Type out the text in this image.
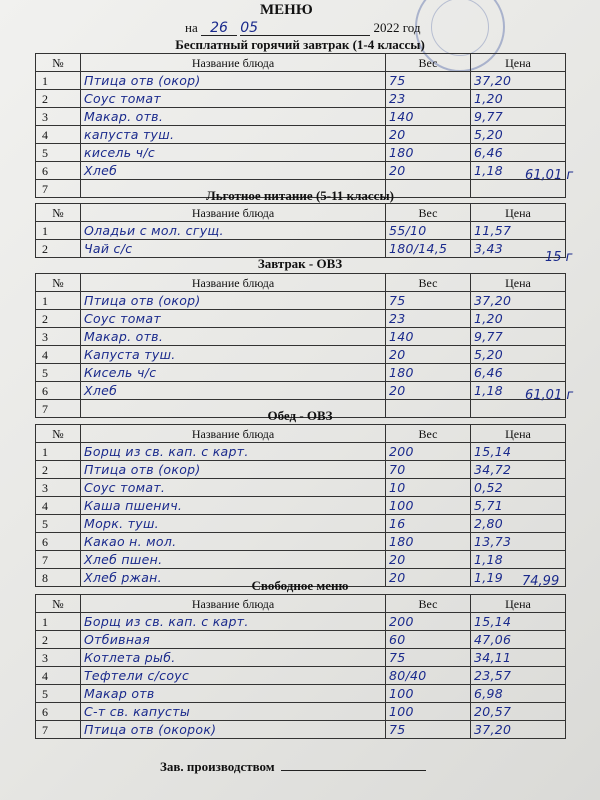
МЕНЮ
на 26 05	2022 год
Бесплатный горячий завтрак (1-4 классы)
№	Название блюда	Вес	Цена
1	Птица отв (окор)	75	37,20
2	Соус томат	23	1,20
3	Макар. отв.	140	9,77
4	капуста туш.	20	5,20
5	кисель ч/с	180	6,46
6	Хлеб	20	1,18
7			
61,01 г
Льготное питание (5-11 классы)
№	Название блюда	Вес	Цена
1	Оладьи с мол. сгущ.	55/10	11,57
2	Чай с/с	180/14,5	3,43
15 г
Завтрак - ОВЗ
№	Название блюда	Вес	Цена
1	Птица отв (окор)	75	37,20
2	Соус томат	23	1,20
3	Макар. отв.	140	9,77
4	Капуста туш.	20	5,20
5	Кисель ч/с	180	6,46
6	Хлеб	20	1,18
7			
61,01 г
Обед - ОВЗ
№	Название блюда	Вес	Цена
1	Борщ из св. кап. с карт.	200	15,14
2	Птица отв (окор)	70	34,72
3	Соус томат.	10	0,52
4	Каша пшенич.	100	5,71
5	Морк. туш.	16	2,80
6	Какао н. мол.	180	13,73
7	Хлеб пшен.	20	1,18
8	Хлеб ржан.	20	1,19 74,99
Свободное меню
№	Название блюда	Вес	Цена
1	Борщ из св. кап. с карт.	200	15,14
2	Отбивная	60	47,06
3	Котлета рыб.	75	34,11
4	Тефтели с/соус	80/40	23,57
5	Макар отв	100	6,98
6	С-т св. капусты	100	20,57
7	Птица отв (окорок)	75	37,20
Зав. производством
